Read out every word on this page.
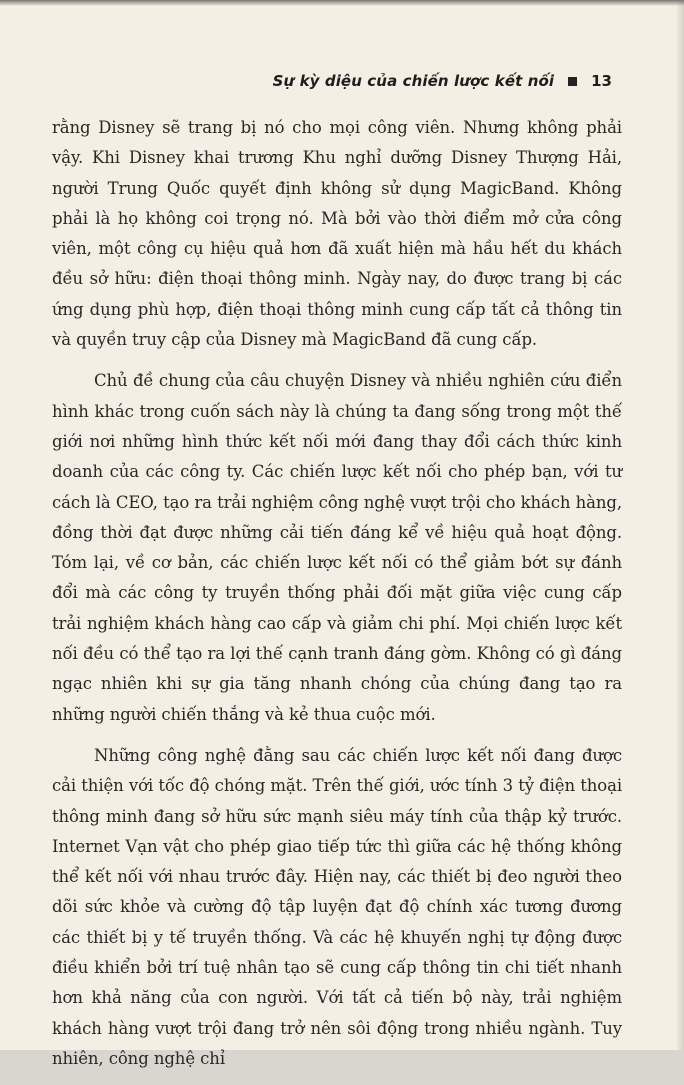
Sự kỳ diệu của chiến lược kết nối 13

rằng Disney sẽ trang bị nó cho mọi công viên. Nhưng không phải vậy. Khi Disney khai trương Khu nghỉ dưỡng Disney Thượng Hải, người Trung Quốc quyết định không sử dụng MagicBand. Không phải là họ không coi trọng nó. Mà bởi vào thời điểm mở cửa công viên, một công cụ hiệu quả hơn đã xuất hiện mà hầu hết du khách đều sở hữu: điện thoại thông minh. Ngày nay, do được trang bị các ứng dụng phù hợp, điện thoại thông minh cung cấp tất cả thông tin và quyền truy cập của Disney mà MagicBand đã cung cấp.

Chủ đề chung của câu chuyện Disney và nhiều nghiên cứu điển hình khác trong cuốn sách này là chúng ta đang sống trong một thế giới nơi những hình thức kết nối mới đang thay đổi cách thức kinh doanh của các công ty. Các chiến lược kết nối cho phép bạn, với tư cách là CEO, tạo ra trải nghiệm công nghệ vượt trội cho khách hàng, đồng thời đạt được những cải tiến đáng kể về hiệu quả hoạt động. Tóm lại, về cơ bản, các chiến lược kết nối có thể giảm bớt sự đánh đổi mà các công ty truyền thống phải đối mặt giữa việc cung cấp trải nghiệm khách hàng cao cấp và giảm chi phí. Mọi chiến lược kết nối đều có thể tạo ra lợi thế cạnh tranh đáng gờm. Không có gì đáng ngạc nhiên khi sự gia tăng nhanh chóng của chúng đang tạo ra những người chiến thắng và kẻ thua cuộc mới.

Những công nghệ đằng sau các chiến lược kết nối đang được cải thiện với tốc độ chóng mặt. Trên thế giới, ước tính 3 tỷ điện thoại thông minh đang sở hữu sức mạnh siêu máy tính của thập kỷ trước. Internet Vạn vật cho phép giao tiếp tức thì giữa các hệ thống không thể kết nối với nhau trước đây. Hiện nay, các thiết bị đeo người theo dõi sức khỏe và cường độ tập luyện đạt độ chính xác tương đương các thiết bị y tế truyền thống. Và các hệ khuyến nghị tự động được điều khiển bởi trí tuệ nhân tạo sẽ cung cấp thông tin chi tiết nhanh hơn khả năng của con người. Với tất cả tiến bộ này, trải nghiệm khách hàng vượt trội đang trở nên sôi động trong nhiều ngành. Tuy nhiên, công nghệ chỉ
